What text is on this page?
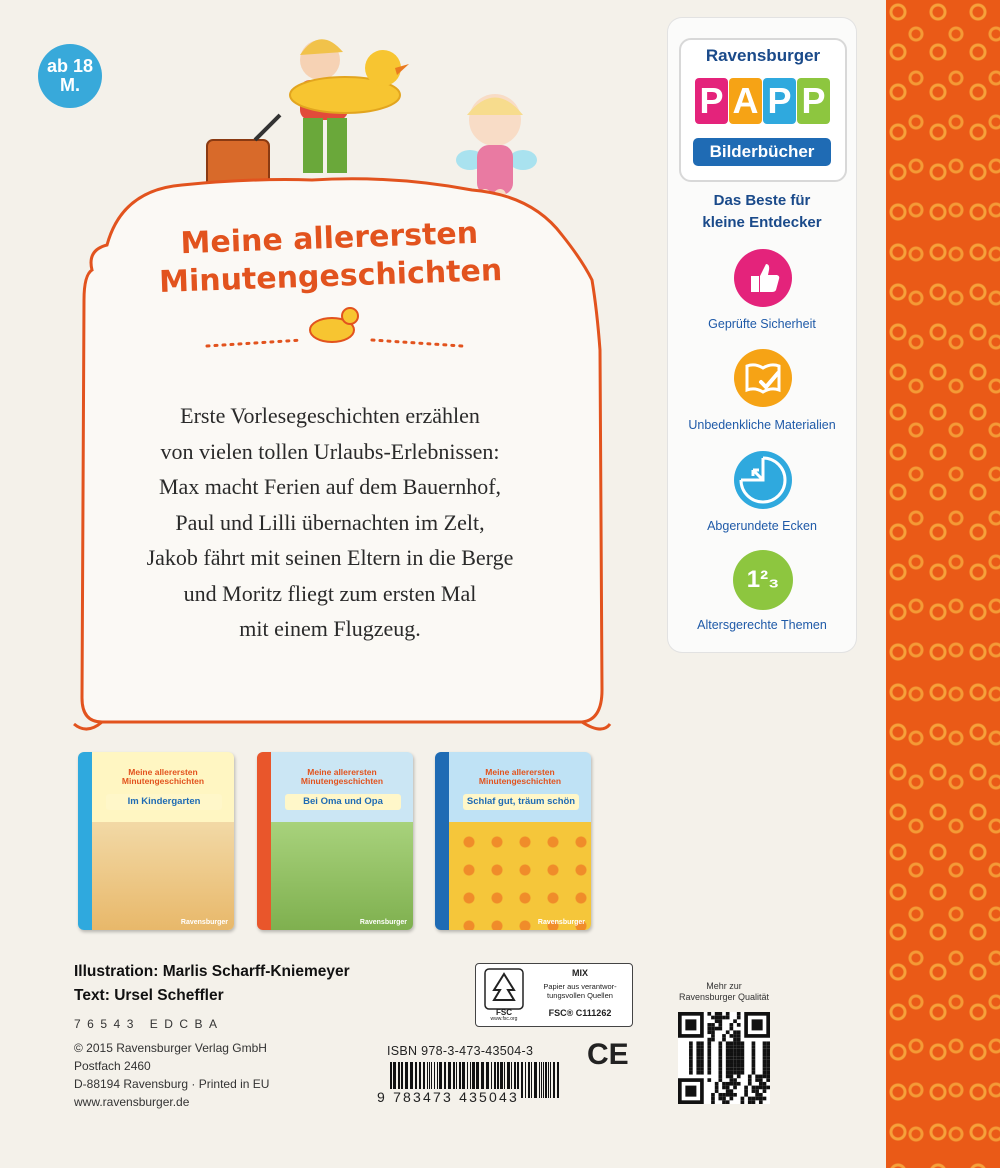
ab 18
M.
Meine allerersten
Minutengeschichten
Erste Vorlesegeschichten erzählen
von vielen tollen Urlaubs-Erlebnissen:
Max macht Ferien auf dem Bauernhof,
Paul und Lilli übernachten im Zelt,
Jakob fährt mit seinen Eltern in die Berge
und Moritz fliegt zum ersten Mal
mit einem Flugzeug.
Ravensburger
P A P P
Bilderbücher
Das Beste für
kleine Entdecker
Geprüfte Sicherheit
Unbedenkliche Materialien
Abgerundete Ecken
1²₃
Altersgerechte Themen
Meine allerersten Minutengeschichten
Im Kindergarten
Ravensburger
Meine allerersten Minutengeschichten
Bei Oma und Opa
Ravensburger
Meine allerersten Minutengeschichten
Schlaf gut, träum schön
Ravensburger
Illustration: Marlis Scharff-Kniemeyer
Text: Ursel Scheffler
76543 EDCBA
© 2015 Ravensburger Verlag GmbH
Postfach 2460
D-88194 Ravensburg · Printed in EU
www.ravensburger.de
FSC
www.fsc.org
MIX
Papier aus verantwor-
tungsvollen Quellen
FSC® C111262
ISBN 978-3-473-43504-3
9 783473 435043
CE
Mehr zur
Ravensburger Qualität
